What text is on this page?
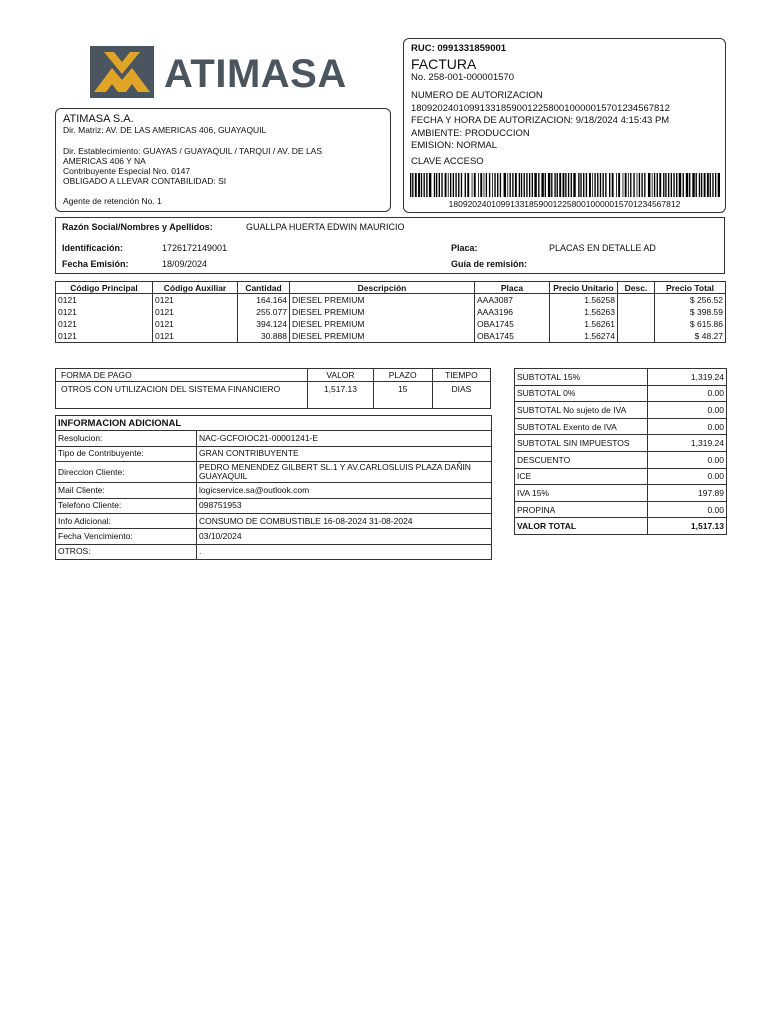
ATIMASA
ATIMASA S.A.
Dir. Matriz: AV. DE LAS AMERICAS 406, GUAYAQUIL
Dir. Establecimiento: GUAYAS / GUAYAQUIL / TARQUI / AV. DE LAS
AMERICAS 406 Y NA
Contribuyente Especial Nro. 0147
OBLIGADO A LLEVAR CONTABILIDAD: SI
Agente de retención No. 1
RUC: 0991331859001
FACTURA
No. 258-001-000001570
NUMERO DE AUTORIZACION
1809202401099133185900122580010000015701234567812
FECHA Y HORA DE AUTORIZACION: 9/18/2024 4:15:43 PM
AMBIENTE: PRODUCCION
EMISION: NORMAL
CLAVE ACCESO
1809202401099133185900122580010000015701234567812
Razón Social/Nombres y Apellidos:	GUALLPA HUERTA EDWIN MAURICIO
Identificación:	1726172149001	Placa:	PLACAS EN DETALLE AD
Fecha Emisión:	18/09/2024	Guía de remisión:
Código Principal	Código Auxiliar	Cantidad	Descripción	Placa	Precio Unitario	Desc.	Precio Total
0121	0121	164.164	DIESEL PREMIUM	AAA3087	1.56258		$ 256.52
0121	0121	255.077	DIESEL PREMIUM	AAA3196	1.56263		$ 398.59
0121	0121	394.124	DIESEL PREMIUM	OBA1745	1.56261		$ 615.86
0121	0121	30.888	DIESEL PREMIUM	OBA1745	1.56274		$ 48.27
FORMA DE PAGO	VALOR	PLAZO	TIEMPO
OTROS CON UTILIZACION DEL SISTEMA FINANCIERO	1,517.13	15	DIAS
SUBTOTAL 15%	1,319.24
SUBTOTAL 0%	0.00
SUBTOTAL No sujeto de IVA	0.00
SUBTOTAL Exento de IVA	0.00
SUBTOTAL SIN IMPUESTOS	1,319.24
DESCUENTO	0.00
ICE	0.00
IVA 15%	197.89
PROPINA	0.00
VALOR TOTAL	1,517.13
INFORMACION ADICIONAL	
Resolucion:	NAC-GCFOIOC21-00001241-E
Tipo de Contribuyente:	GRAN CONTRIBUYENTE
Direccion Cliente:	PEDRO MENENDEZ GILBERT SL.1 Y AV.CARLOSLUIS PLAZA DAÑIN GUAYAQUIL
Mail Cliente:	logicservice.sa@outlook.com
Telefono Cliente:	098751953
Info Adicional:	CONSUMO DE COMBUSTIBLE 16-08-2024 31-08-2024
Fecha Vencimiento:	03/10/2024
OTROS:	.
